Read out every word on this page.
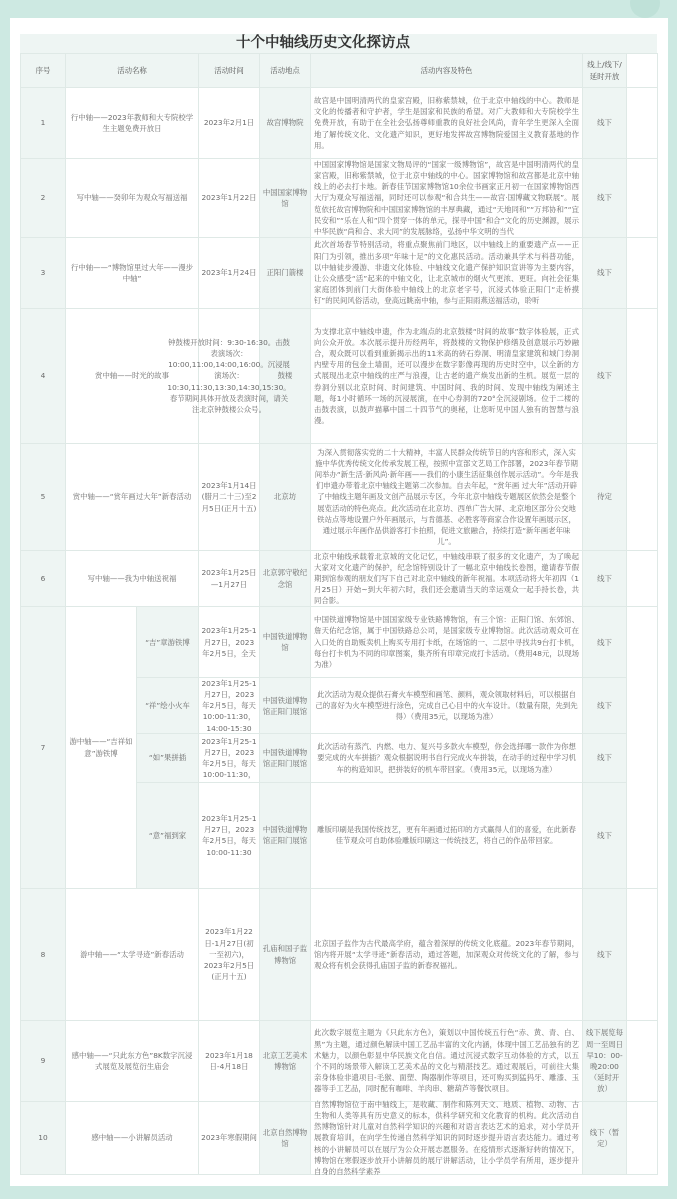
十个中轴线历史文化探访点
序号	活动名称		活动时间	活动地点	活动内容及特色	线上/线下/延时开放	

1	行中轴——2023年教师和大专院校学生主题免费开放日		2023年2月1日	故宫博物院	故宫是中国明清两代的皇家宫殿，旧称紫禁城，位于北京中轴线的中心。教师是文化的传播者和守护者，学生是国家和民族的希望。对广大教师和大专院校学生免费开放，有助于在全社会弘扬尊师重教的良好社会风尚，青年学生更深入全面地了解传统文化、文化遗产知识，更好地发挥故宫博物院爱国主义教育基地的作用。	线下	

2	写中轴——癸卯年为观众写福送福		2023年1月22日	中国国家博物馆	中国国家博物馆是国家文物局评的“国家一级博物馆”，故宫是中国明清两代的皇家宫殿，旧称紫禁城，位于北京中轴线的中心。国家博物馆和故宫都是北京中轴线上的必去打卡地。新春佳节国家博物馆10余位书画家正月初一在国家博物馆西大厅为观众写福送福，同时还可以参观“和合共生——故宫·国博藏文物联展”。展览依托故宫博物院和中国国家博物馆的丰厚典藏，通过“天地同和”“万邦协和”“宜民安和”“乐在人和”四个贯穿一体的单元，探寻中国“和合”文化的历史渊源，展示中华民族“尚和合、求大同”的发展脉络，弘扬中华文明的当代	线下	

3	行中轴——“博物馆里过大年——漫步中轴”		2023年1月24日	正阳门箭楼	此次首场春节特别活动，将重点聚焦前门地区，以中轴线上的重要遗产点——正阳门为引领，推出多项“年味十足”的文化惠民活动。活动兼具学术与科普功能，以中轴徒步漫游、非遗文化体验、中轴线文化遗产保护知识宣讲等为主要内容，让公众感受“活”起来的中轴文化，让北京城市的烟火气更浓、更旺。向社会征集家庭团体到前门大街体验中轴线上的北京老字号，沉浸式体验正阳门“走桥摸钉”的民间风俗活动，登高远眺南中轴，参与正阳雨燕送福活动，聆听	线下	

4	赏中轴——时光的故事		钟鼓楼开放时间：9:30-16:30。击鼓表演场次：10:00,11:00,14:00,16:00。沉浸展演场次：10:30,11:30,13:30,14:30,15:30。春节期间具体开放及表演时间，请关注北京钟鼓楼公众号。	鼓楼	为支撑北京中轴线申遗，作为北端点的北京鼓楼“时间的故事”数字体验展，正式向公众开放。本次展示提升历经两年，将鼓楼的文物保护修缮及创意展示巧妙融合，观众既可以看到重新揭示出的11米高的砖石券洞、明清皇家建筑和城门券洞内壁专用的包金土墙面，还可以漫步在数字影像再现的历史时空中，以全新的方式展现出北京中轴线的庄严与浪漫，让古老的遗产焕发出新的生机。展览一层的券洞分别以北京时间、时间建筑、中国时间、我的时间、发现中轴线为阐述主题，每1小时循环一场的沉浸展演，在中心券洞的720°全沉浸剧场。位于二楼的击鼓表演，以鼓声描摹中国二十四节气的奥秘，让您听见中国人独有的智慧与浪漫。	线下	

5	赏中轴——“赏年画过大年”新春活动		2023年1月14日(腊月二十三)至2月5日(正月十五)	北京坊	为深入贯彻落实党的二十大精神，丰富人民群众传统节日的内容和形式，深入实施中华优秀传统文化传承发展工程，按照中宣部文艺局工作部署，2023年春节期间举办“新生活·新风尚·新年画——我们的小康生活征集创作展示活动”。今年是我们申遗办带着北京中轴线主题第二次参加。自去年起，“赏年画 过大年”活动开辟了中轴线主题年画及文创产品展示专区，今年北京中轴线专题展区依然会是整个展览活动的特色亮点。此次活动在北京坊、西单广告大屏、北京地区部分公交地铁站点等地设置户外年画展示，与肯德基、必胜客等商家合作设置年画展示区，通过展示年画作品供游客打卡拍照，促进文旅融合，持续打造“新年画老年味儿”。	待定	

6	写中轴——我为中轴送祝福		2023年1月25日—1月27日	北京郭守敬纪念馆	北京中轴线承载着北京城的文化记忆，中轴线串联了很多的文化遗产，为了唤起大家对文化遗产的保护，纪念馆特别设计了一幅北京中轴线长卷图，邀请春节假期到馆参观的朋友们写下自己对北京中轴线的新年祝福。本项活动将大年初四（1月25日）开始~到大年初六时，我们还会邀请当天的幸运观众一起手持长卷，共同合影。	线下	

7	游中轴——“吉祥如意”游铁博	“吉”章游铁博	2023年1月25-1月27日，2023年2月5日，全天	中国铁道博物馆	中国铁道博物馆是中国国家级专业铁路博物馆，有三个馆：正阳门馆、东郊馆、詹天佑纪念馆，属于中国铁路总公司，是国家级专业博物馆。此次活动观众可在入口处的自助贩卖机上购买专用打卡纸，在场馆的一、二层中寻找共9台打卡机，每台打卡机为不同的印章图案，集齐所有印章完成打卡活动。（费用48元，以现场为准）	线下	

		“祥”绘小火车	2023年1月25-1月27日，2023年2月5日，每天10:00-11:30，14:00-15:30	中国铁道博物馆正阳门展馆	此次活动为观众提供石膏火车模型和画笔、颜料，观众领取材料后，可以根据自己的喜好为火车模型进行涂色，完成自己心目中的火车设计。（数量有限，先到先得）（费用35元，以现场为准）	线下	

		“如”果拼插	2023年1月25-1月27日，2023年2月5日，每天10:00-11:30，	中国铁道博物馆正阳门展馆	此次活动有蒸汽、内燃、电力、复兴号多款火车模型，你会选择哪一款作为你想要完成的火车拼插？观众根据说明书自行完成火车拼装，在动手的过程中学习机车的构造知识，把拼装好的机车带回家。（费用35元，以现场为准）	线下	

		“意”福到家	2023年1月25-1月27日，2023年2月5日，每天10:00-11:30	中国铁道博物馆正阳门展馆	雕版印刷是我国传统技艺，更有年画通过拓印的方式赢得人们的喜爱，在此新春佳节观众可自助体验雕版印刷这一传统技艺，将自己的作品带回家。	线下	

8	游中轴——“太学寻迹”新春活动		2023年1月22日-1月27日(初一至初六)，2023年2月5日(正月十五)	孔庙和国子监博物馆	北京国子监作为古代最高学府，蕴含着深厚的传统文化底蕴。2023年春节期间，馆内将开展“太学寻迹”新春活动，通过答题，加深观众对传统文化的了解，参与观众将有机会获得孔庙国子监的新春祝福礼。	线下	

9	感中轴——“只此东方色”8K数字沉浸式展览及展览衍生庙会		2023年1月18日-4月18日	北京工艺美术博物馆	此次数字展览主题为《只此东方色》，策划以中国传统五行色“赤、黄、青、白、黑”为主题，通过颜色解读中国工艺品丰富的文化内涵，体现中国工艺品独有的艺术魅力，以颜色彰显中华民族文化自信。通过沉浸式数字互动体验的方式，以五个不同的场景带入解读工艺美术品的文化与精湛技艺。通过观展后，可前往大集亲身体验非遗项目-毛猴、面塑、陶器制作等项目，还可购买到猛犸牙、雕漆、玉器等手工艺品，同时配有咖啡、羊肉串、糖葫芦等餐饮项目。	线下展览每周一至周日早10：00-晚20:00（延时开放）	

10	感中轴——小讲解员活动		2023年寒假期间	北京自然博物馆	自然博物馆位于南中轴线上，是收藏、制作和陈列天文、地质、植物、动物、古生物和人类等具有历史意义的标本，供科学研究和文化教育的机构。此次活动自然博物馆针对儿童对自然科学知识的兴趣和对语言表达艺术的追求，对小学员开展教育培训，在向学生传递自然科学知识的同时逐步提升语言表达能力。通过考核的小讲解员可以在展厅为公众开展志愿服务。在疫情形式逐渐好转的情况下，博物馆在寒假逐步放开小讲解员的展厅讲解活动，让小学员学有所用，逐步提升自身的自然科学素养	线下（暂定）	
